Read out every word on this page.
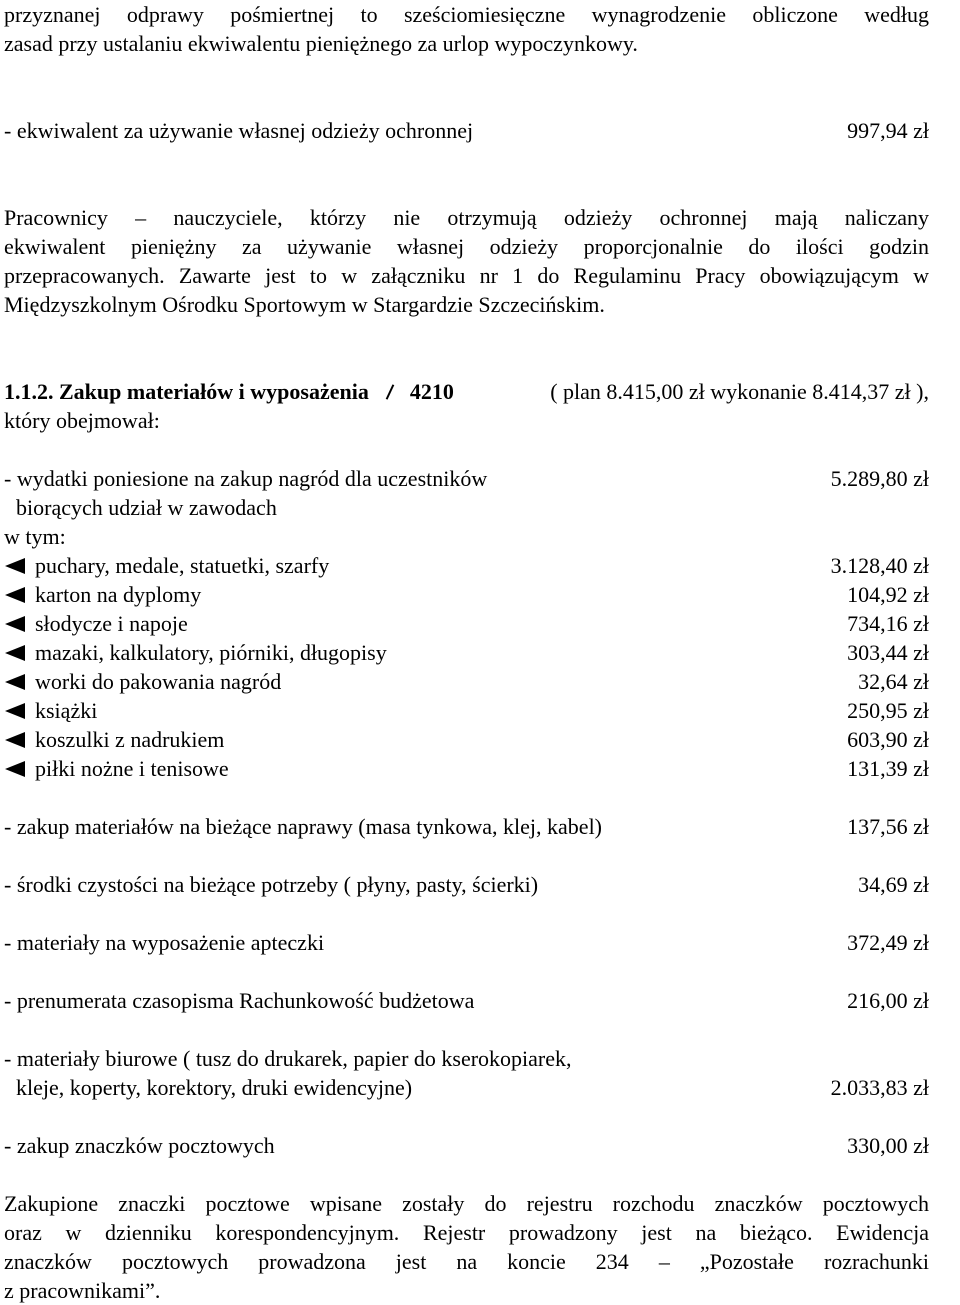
przyznanej odprawy pośmiertnej to sześciomiesięczne wynagrodzenie obliczone według
zasad przy ustalaniu ekwiwalentu pieniężnego za urlop wypoczynkowy.
- ekwiwalent za używanie własnej odzieży ochronnej	997,94 zł
Pracownicy – nauczyciele, którzy nie otrzymują odzieży ochronnej mają naliczany
ekwiwalent pieniężny za używanie własnej odzieży proporcjonalnie do ilości godzin
przepracowanych. Zawarte jest to w załączniku nr 1 do Regulaminu Pracy obowiązującym w
Międzyszkolnym Ośrodku Sportowym w Stargardzie Szczecińskim.
1.1.2. Zakup materiałów i wyposażenia 4210	( plan 8.415,00 zł wykonanie 8.414,37 zł ),
który obejmował:
- wydatki poniesione na zakup nagród dla uczestników	5.289,80 zł
biorących udział w zawodach
w tym:
puchary, medale, statuetki, szarfy	3.128,40 zł
karton na dyplomy	104,92 zł
słodycze i napoje	734,16 zł
mazaki, kalkulatory, piórniki, długopisy	303,44 zł
worki do pakowania nagród	32,64 zł
książki	250,95 zł
koszulki z nadrukiem	603,90 zł
piłki nożne i tenisowe	131,39 zł
- zakup materiałów na bieżące naprawy (masa tynkowa, klej, kabel)	137,56 zł
- środki czystości na bieżące potrzeby ( płyny, pasty, ścierki)	34,69 zł
- materiały na wyposażenie apteczki	372,49 zł
- prenumerata czasopisma Rachunkowość budżetowa	216,00 zł
- materiały biurowe ( tusz do drukarek, papier do kserokopiarek,
kleje, koperty, korektory, druki ewidencyjne)	2.033,83 zł
- zakup znaczków pocztowych	330,00 zł
Zakupione znaczki pocztowe wpisane zostały do rejestru rozchodu znaczków pocztowych
oraz w dzienniku korespondencyjnym. Rejestr prowadzony jest na bieżąco. Ewidencja
znaczków pocztowych prowadzona jest na koncie 234 – „Pozostałe rozrachunki
z pracownikami”.
